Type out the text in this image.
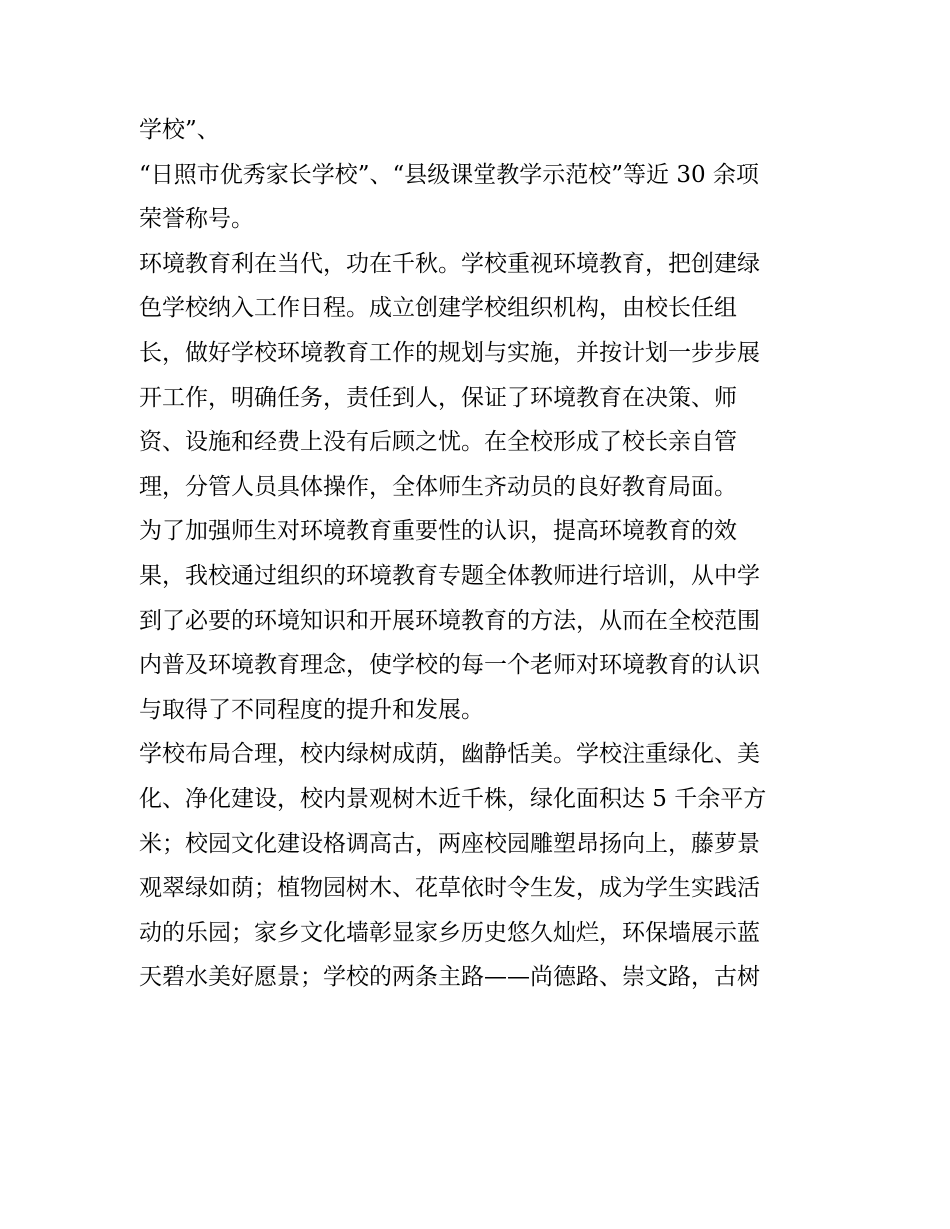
学校”、
“日照市优秀家长学校”、“县级课堂教学示范校”等近 30 余项
荣誉称号。
环境教育利在当代，功在千秋。学校重视环境教育，把创建绿
色学校纳入工作日程。成立创建学校组织机构，由校长任组
长，做好学校环境教育工作的规划与实施，并按计划一步步展
开工作，明确任务，责任到人，保证了环境教育在决策、师
资、设施和经费上没有后顾之忧。在全校形成了校长亲自管
理，分管人员具体操作，全体师生齐动员的良好教育局面。
为了加强师生对环境教育重要性的认识，提高环境教育的效
果，我校通过组织的环境教育专题全体教师进行培训，从中学
到了必要的环境知识和开展环境教育的方法，从而在全校范围
内普及环境教育理念，使学校的每一个老师对环境教育的认识
与取得了不同程度的提升和发展。
学校布局合理，校内绿树成荫，幽静恬美。学校注重绿化、美
化、净化建设，校内景观树木近千株，绿化面积达 5 千余平方
米；校园文化建设格调高古，两座校园雕塑昂扬向上，藤萝景
观翠绿如荫；植物园树木、花草依时令生发，成为学生实践活
动的乐园；家乡文化墙彰显家乡历史悠久灿烂，环保墙展示蓝
天碧水美好愿景；学校的两条主路——尚德路、崇文路，古树
